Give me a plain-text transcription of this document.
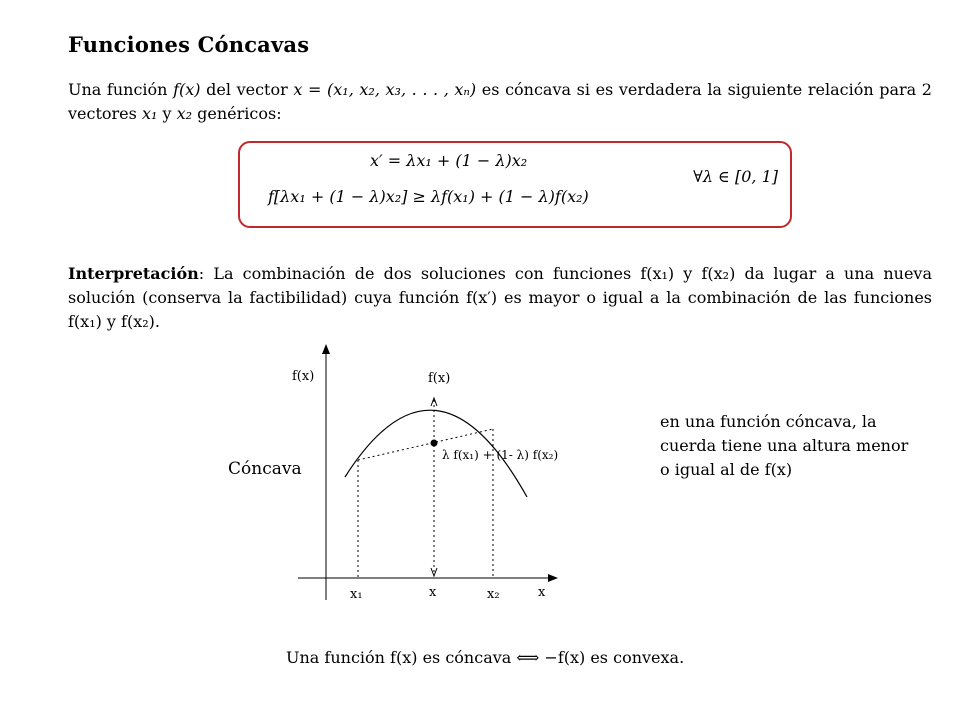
Funciones Cóncavas
Una función f(x) del vector x = (x₁, x₂, x₃, . . . , xₙ) es cóncava si es verdadera la siguiente relación para 2 vectores x₁ y x₂ genéricos:
x′ = λx₁ + (1 − λ)x₂
f[λx₁ + (1 − λ)x₂] ≥ λf(x₁) + (1 − λ)f(x₂)
∀λ ∈ [0, 1]
Interpretación: La combinación de dos soluciones con funciones f(x₁) y f(x₂) da lugar a una nueva solución (conserva la factibilidad) cuya función f(x′) es mayor o igual a la combinación de las funciones f(x₁) y f(x₂).
Cóncava
f(x)	f(x)
λ f(x₁) + (1- λ) f(x₂)
x₁	x	x₂	x
en una función cóncava, la cuerda tiene una altura menor o igual al de f(x)
Una función f(x) es cóncava ⟺ −f(x) es convexa.
